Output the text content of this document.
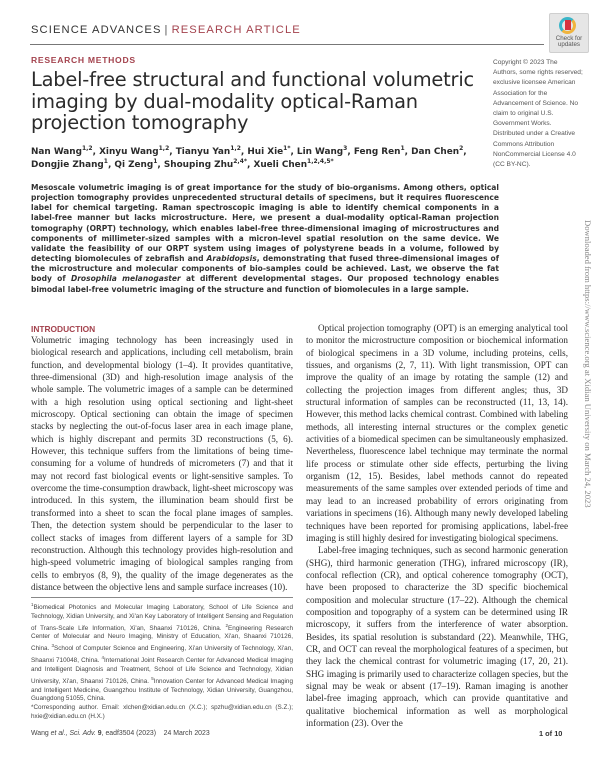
SCIENCE ADVANCES | RESEARCH ARTICLE
Check for
updates
RESEARCH METHODS
Label-free structural and functional volumetric imaging by dual-modality optical-Raman projection tomography
Nan Wang$^{1,2}$, Xinyu Wang$^{1,2}$, Tianyu Yan$^{1,2}$, Hui Xie$^{1*}$, Lin Wang$^3$, Feng Ren$^1$, Dan Chen$^2$,
Dongjie Zhang$^1$, Qi Zeng$^1$, Shouping Zhu$^{2,4*}$, Xueli Chen$^{1,2,4,5*}$
Copyright © 2023 The Authors, some rights reserved; exclusive licensee American Association for the Advancement of Science. No claim to original U.S. Government Works. Distributed under a Creative Commons Attribution NonCommercial License 4.0 (CC BY-NC).
Mesoscale volumetric imaging is of great importance for the study of bio-organisms. Among others, optical projection tomography provides unprecedented structural details of specimens, but it requires fluorescence label for chemical targeting. Raman spectroscopic imaging is able to identify chemical components in a label-free manner but lacks microstructure. Here, we present a dual-modality optical-Raman projection tomography (ORPT) technology, which enables label-free three-dimensional imaging of microstructures and components of millimeter-sized samples with a micron-level spatial resolution on the same device. We validate the feasibility of our ORPT system using images of polystyrene beads in a volume, followed by detecting biomolecules of zebrafish and Arabidopsis, demonstrating that fused three-dimensional images of the microstructure and molecular components of bio-samples could be achieved. Last, we observe the fat body of Drosophila melanogaster at different developmental stages. Our proposed technology enables bimodal label-free volumetric imaging of the structure and function of biomolecules in a large sample.
INTRODUCTION

Volumetric imaging technology has been increasingly used in biological research and applications, including cell metabolism, brain function, and developmental biology (1–4). It provides quantitative, three-dimensional (3D) and high-resolution image analysis of the whole sample. The volumetric images of a sample can be determined with a high resolution using optical sectioning and light-sheet microscopy. Optical sectioning can obtain the image of specimen stacks by neglecting the out-of-focus laser area in each image plane, which is highly discrepant and permits 3D reconstructions (5, 6). However, this technique suffers from the limitations of being time-consuming for a volume of hundreds of micrometers (7) and that it may not record fast biological events or light-sensitive samples. To overcome the time-consumption drawback, light-sheet microscopy was introduced. In this system, the illumination beam should first be transformed into a sheet to scan the focal plane images of samples. Then, the detection system should be perpendicular to the laser to collect stacks of images from different layers of a sample for 3D reconstruction. Although this technology provides high-resolution and high-speed volumetric imaging of biological samples ranging from cells to embryos (8, 9), the quality of the image degenerates as the distance between the objective lens and sample surface increases (10).

Optical projection tomography (OPT) is an emerging analytical tool to monitor the microstructure composition or biochemical information of biological specimens in a 3D volume, including proteins, cells, tissues, and organisms (2, 7, 11). With light transmission, OPT can improve the quality of an image by rotating the sample (12) and collecting the projection images from different angles; thus, 3D structural information of samples can be reconstructed (11, 13, 14). However, this method lacks chemical contrast. Combined with labeling methods, all interesting internal structures or the complex genetic activities of a biomedical specimen can be simultaneously emphasized. Nevertheless, fluorescence label technique may terminate the normal life process or stimulate other side effects, perturbing the living organism (12, 15). Besides, label methods cannot do repeated measurements of the same samples over extended periods of time and may lead to an increased probability of errors originating from variations in specimens (16). Although many newly developed labeling techniques have been reported for promising applications, label-free imaging is still highly desired for investigating biological specimens.

Label-free imaging techniques, such as second harmonic generation (SHG), third harmonic generation (THG), infrared microscopy (IR), confocal reflection (CR), and optical coherence tomography (OCT), have been proposed to characterize the 3D specific biochemical composition and molecular structure (17–22). Although the chemical composition and topography of a system can be determined using IR microscopy, it suffers from the interference of water absorption. Besides, its spatial resolution is substandard (22). Meanwhile, THG, CR, and OCT can reveal the morphological features of a specimen, but they lack the chemical contrast for volumetric imaging (17, 20, 21). SHG imaging is primarily used to characterize collagen species, but the signal may be weak or absent (17–19). Raman imaging is another label-free imaging approach, which can provide quantitative and qualitative biochemical information as well as morphological information (23). Over the

$^1$Biomedical Photonics and Molecular Imaging Laboratory, School of Life Science and Technology, Xidian University, and Xi'an Key Laboratory of Intelligent Sensing and Regulation of Trans-Scale Life Information, Xi'an, Shaanxi 710126, China. $^2$Engineering Research Center of Molecular and Neuro Imaging, Ministry of Education, Xi'an, Shaanxi 710126, China. $^3$School of Computer Science and Engineering, Xi'an University of Technology, Xi'an, Shaanxi 710048, China. $^4$International Joint Research Center for Advanced Medical Imaging and Intelligent Diagnosis and Treatment, School of Life Science and Technology, Xidian University, Xi'an, Shaanxi 710126, China. $^5$Innovation Center for Advanced Medical Imaging and Intelligent Medicine, Guangzhou Institute of Technology, Xidian University, Guangzhou, Guangdong 51055, China.
*Corresponding author. Email: xlchen@xidian.edu.cn (X.C.); spzhu@xidian.edu.cn (S.Z.); hxie@xidian.edu.cn (H.X.)
Wang et al., Sci. Adv. 9, eadf3504 (2023)    24 March 2023	1 of 10
Downloaded from https://www.science.org at Xidian University on March 24, 2023
